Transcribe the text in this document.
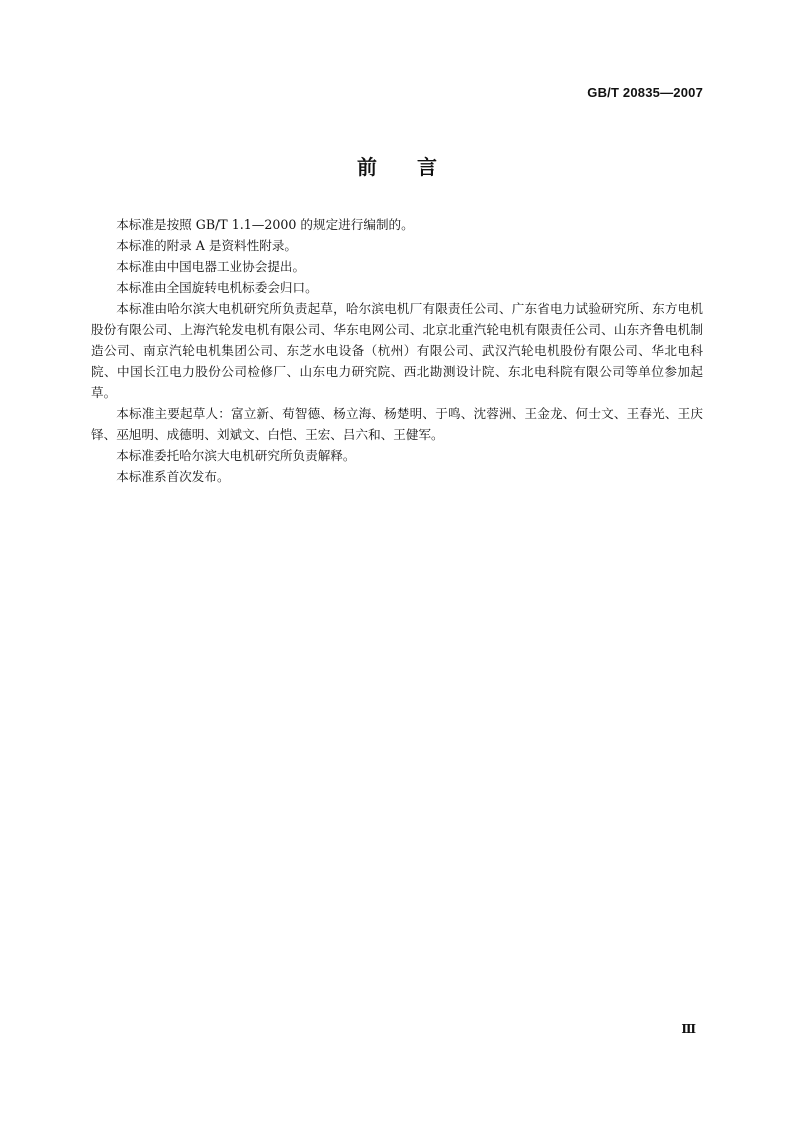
GB/T 20835—2007
前言

本标准是按照 GB/T 1.1—2000 的规定进行编制的。

本标准的附录 A 是资料性附录。

本标准由中国电器工业协会提出。

本标准由全国旋转电机标委会归口。

本标准由哈尔滨大电机研究所负责起草，哈尔滨电机厂有限责任公司、广东省电力试验研究所、东方电机股份有限公司、上海汽轮发电机有限公司、华东电网公司、北京北重汽轮电机有限责任公司、山东齐鲁电机制造公司、南京汽轮电机集团公司、东芝水电设备（杭州）有限公司、武汉汽轮电机股份有限公司、华北电科院、中国长江电力股份公司检修厂、山东电力研究院、西北勘测设计院、东北电科院有限公司等单位参加起草。

本标准主要起草人：富立新、荀智德、杨立海、杨楚明、于鸣、沈蓉洲、王金龙、何士文、王春光、王庆铎、巫旭明、成德明、刘斌文、白恺、王宏、吕六和、王健军。

本标准委托哈尔滨大电机研究所负责解释。

本标准系首次发布。

Ⅲ
